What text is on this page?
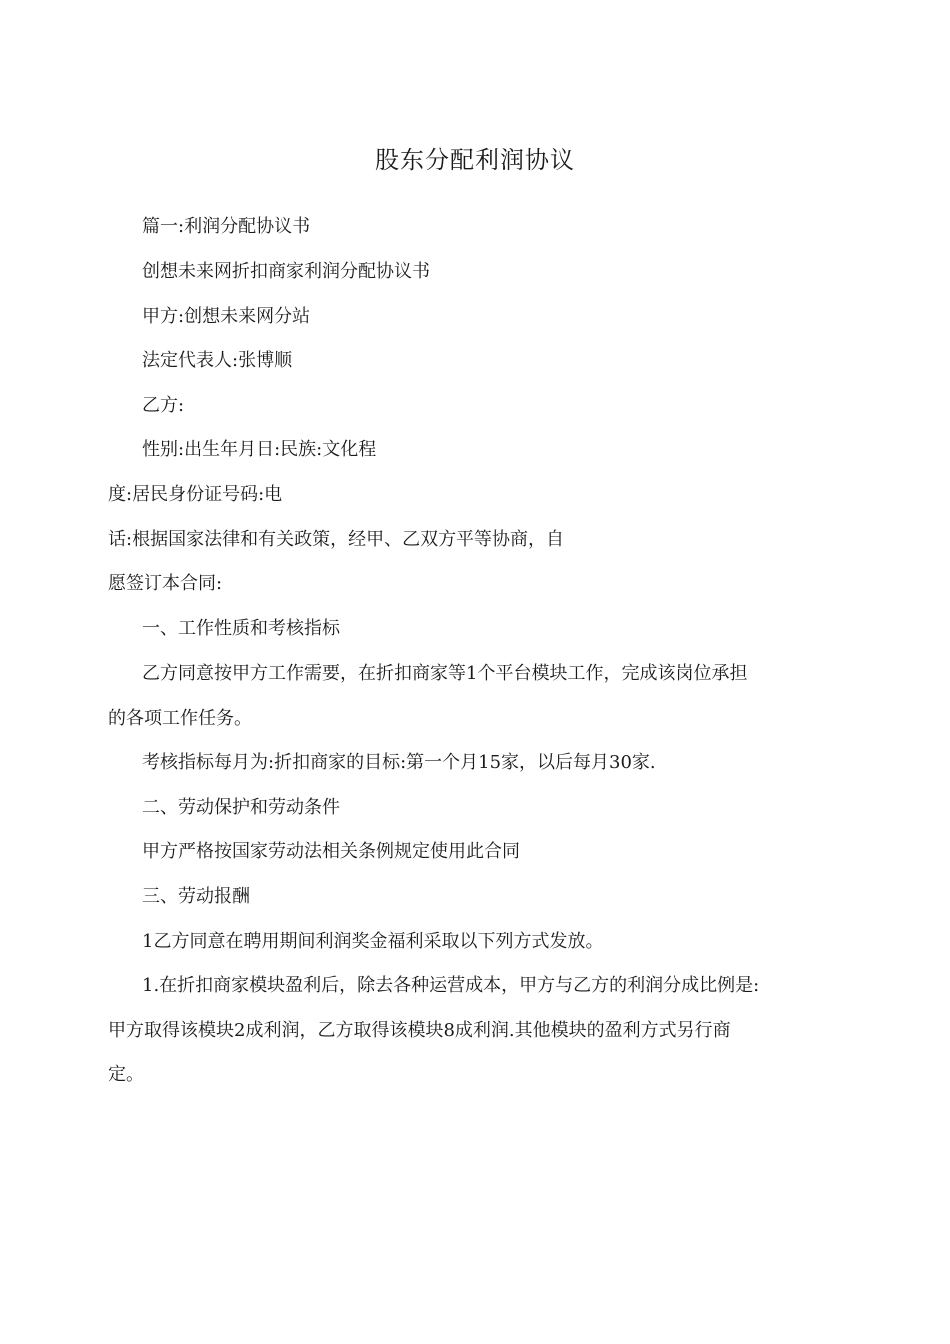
股东分配利润协议
篇一:利润分配协议书
创想未来网折扣商家利润分配协议书
甲方:创想未来网分站
法定代表人:张博顺
乙方:
性别:出生年月日:民族:文化程
度:居民身份证号码:电
话:根据国家法律和有关政策，经甲、乙双方平等协商，自
愿签订本合同:
一、工作性质和考核指标
乙方同意按甲方工作需要，在折扣商家等1个平台模块工作，完成该岗位承担
的各项工作任务。
考核指标每月为:折扣商家的目标:第一个月15家，以后每月30家.
二、劳动保护和劳动条件
甲方严格按国家劳动法相关条例规定使用此合同
三、劳动报酬
1乙方同意在聘用期间利润奖金福利采取以下列方式发放。
1.在折扣商家模块盈利后，除去各种运营成本，甲方与乙方的利润分成比例是:
甲方取得该模块2成利润，乙方取得该模块8成利润.其他模块的盈利方式另行商
定。
